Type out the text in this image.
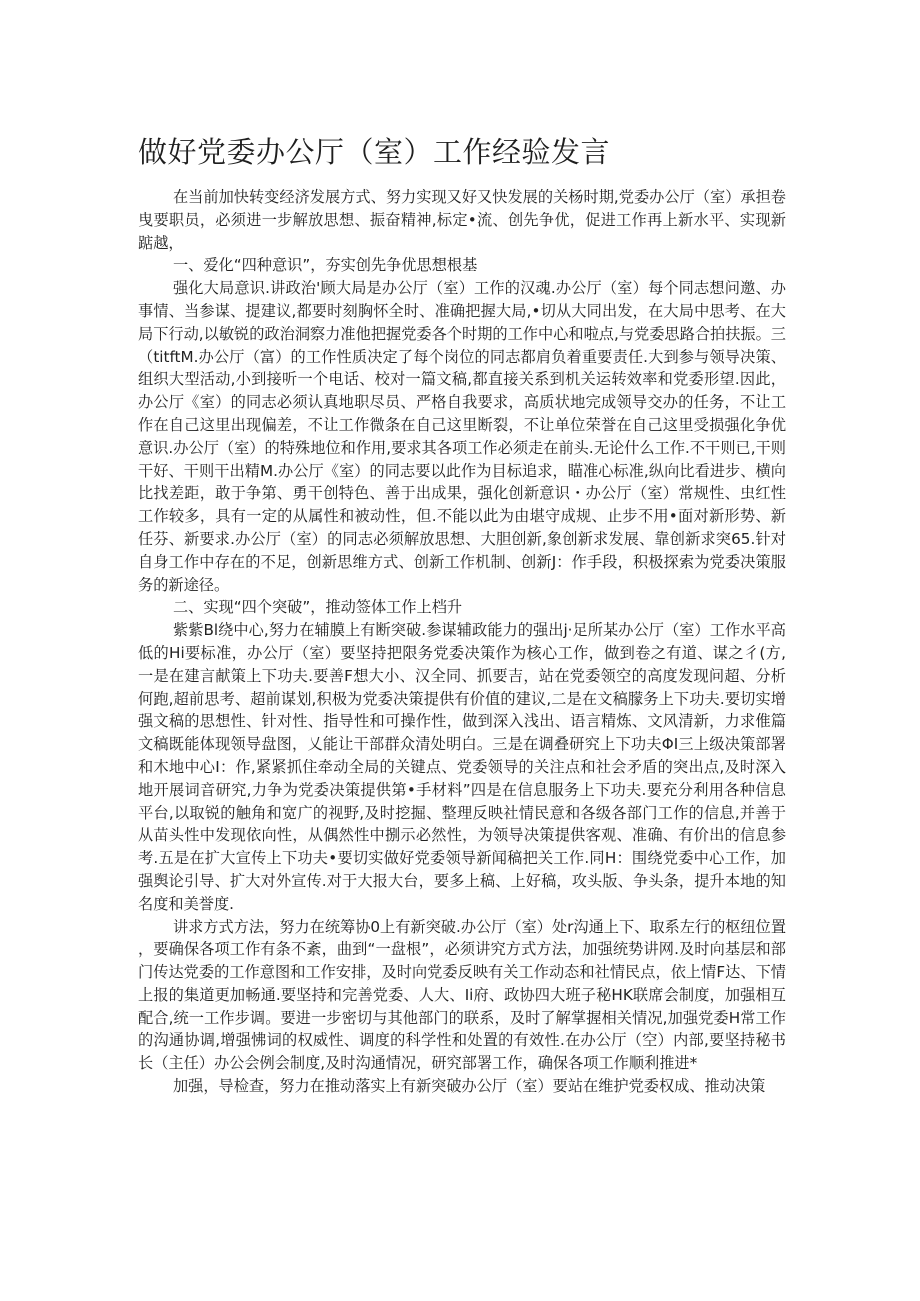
做好党委办公厅（室）工作经验发言

在当前加快转变经济发展方式、努力实现又好又快发展的关杨时期,党委办公厅（室）承担卷曳要职员，必须进一步解放思想、振奋精神,标定•流、创先争优，促进工作再上新水平、实现新踮越，

一、爱化“四种意识”，夯实创先争优思想根基

强化大局意识.讲政治'顾大局是办公厅（室）工作的汉魂.办公厅（室）每个同志想问邀、办事情、当参谋、提建议,都要时刻胸怀全时、准确把握大局,•切从大同出发，在大局中思考、在大局下行动,以敏锐的政治洞察力准他把握党委各个时期的工作中心和啦点,与党委思路合拍扶振。三（titftM.办公厅（富）的工作性质决定了每个岗位的同志都肩负着重要责任.大到参与领导决策、组织大型活动,小到接听一个电话、校对一篇文稿,都直接关系到机关运转效率和党委形望.因此，办公厅《室）的同志必须认真地职尽员、严格自我要求，高质状地完成领导交办的任务，不让工作在自己这里出现偏差，不让工作微条在自己这里断裂，不让单位荣誉在自己这里受损强化争优意识.办公厅（室）的特殊地位和作用,要求其各项工作必须走在前头.无论什么工作.不干则已,干则干好、干则干出精M.办公厅《室）的同志要以此作为目标追求，瞄准心标准,纵向比看进步、横向比找差距，敢于争第、勇干创特色、善于出成果，强化创新意识・办公厅（室）常规性、虫红性工作较多，具有一定的从属性和被动性，但.不能以此为由堪守成规、止步不用•面对新形势、新任芬、新要求.办公厅（室）的同志必须解放思想、大胆创新,象创新求发展、靠创新求突65.针对自身工作中存在的不足，创新思维方式、创新工作机制、创新J：作手段，积极探索为党委决策服务的新途径。

二、实现“四个突破”，推动签体工作上档升

紫紫Bl绕中心,努力在辅膜上有断突破.参谋辅政能力的强出j·足所某办公厅（室）工作水平高低的Hi要标准，办公厅（室）要坚持把限务党委决策作为核心工作，做到卷之有道、谋之彳(方,一是在建言献策上下功夫.要善F想大小、汉全同、抓要吉，站在党委领空的高度发现问超、分析何跑,超前思考、超前谋划,积极为党委决策提供有价值的建议,二是在文稿朦务上下功夫.要切实增强文稿的思想性、针对性、指导性和可操作性，做到深入浅出、语言精炼、文风清新，力求倠篇文稿既能体现领导盘图，乂能让干部群众清处明白。三是在调叠研究上下功夫ΦI三上级决策部署和木地中心I：作,紧紧抓住牵动全局的关键点、党委领导的关注点和社会矛盾的突出点,及时深入地开展词音研究,力争为党委决策提供第•手材料”四是在信息服务上下功夫.要充分利用各种信息平台,以取锐的触角和宽广的视野,及时挖掘、整理反映社情民意和各级各部门工作的信息,并善于从苗头性中发现依向性，从偶然性中捌示必然性，为领导决策提供客观、准确、有价出的信息参考.五是在扩大宣传上下功夫•要切实做好党委领导新闻稿把关工作.同H：围绕党委中心工作，加强舆论引导、扩大对外宣传.对于大报大台，要多上稿、上好稿，攻头版、争头条，提升本地的知名度和美誉度.

讲求方式方法，努力在统筹协0上有新突破.办公厅（室）处r沟通上下、取系左行的枢纽位置，要确保各项工作有条不紊，曲到“一盘根”，必须讲究方式方法，加强统势讲网.及时向基层和部门传达党委的工作意图和工作安排，及时向党委反映有关工作动态和社情民点，依上情F达、下情上报的集道更加畅通.要坚持和完善党委、人大、Ii府、政协四大班子秘HK联席会制度，加强相互配合,统一工作步调。要进一步密切与其他部门的联系，及时了解掌握相关情况,加强党委H常工作的沟通协调,增强怫词的权威性、调度的科学性和处置的有效性.在办公厅（空）内部,要坚持秘书长（主任）办公会例会制度,及时沟通情况，研究部署工作，确保各项工作顺利推进*

加强，导检查，努力在推动落实上有新突破办公厅（室）要站在维护党委权成、推动决策
